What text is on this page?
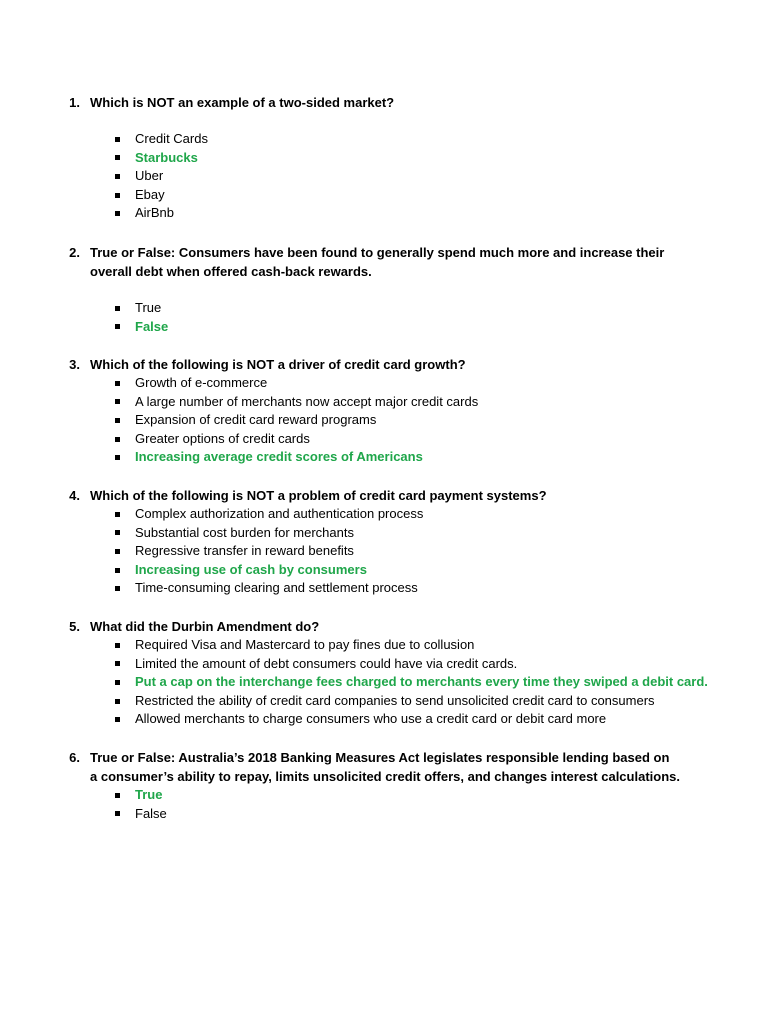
1. Which is NOT an example of a two-sided market?
Credit Cards
Starbucks
Uber
Ebay
AirBnb
2. True or False: Consumers have been found to generally spend much more and increase their overall debt when offered cash-back rewards.
True
False
3. Which of the following is NOT a driver of credit card growth?
Growth of e-commerce
A large number of merchants now accept major credit cards
Expansion of credit card reward programs
Greater options of credit cards
Increasing average credit scores of Americans
4. Which of the following is NOT a problem of credit card payment systems?
Complex authorization and authentication process
Substantial cost burden for merchants
Regressive transfer in reward benefits
Increasing use of cash by consumers
Time-consuming clearing and settlement process
5. What did the Durbin Amendment do?
Required Visa and Mastercard to pay fines due to collusion
Limited the amount of debt consumers could have via credit cards.
Put a cap on the interchange fees charged to merchants every time they swiped a debit card.
Restricted the ability of credit card companies to send unsolicited credit card to consumers
Allowed merchants to charge consumers who use a credit card or debit card more
6. True or False: Australia’s 2018 Banking Measures Act legislates responsible lending based on a consumer’s ability to repay, limits unsolicited credit offers, and changes interest calculations.
True
False
